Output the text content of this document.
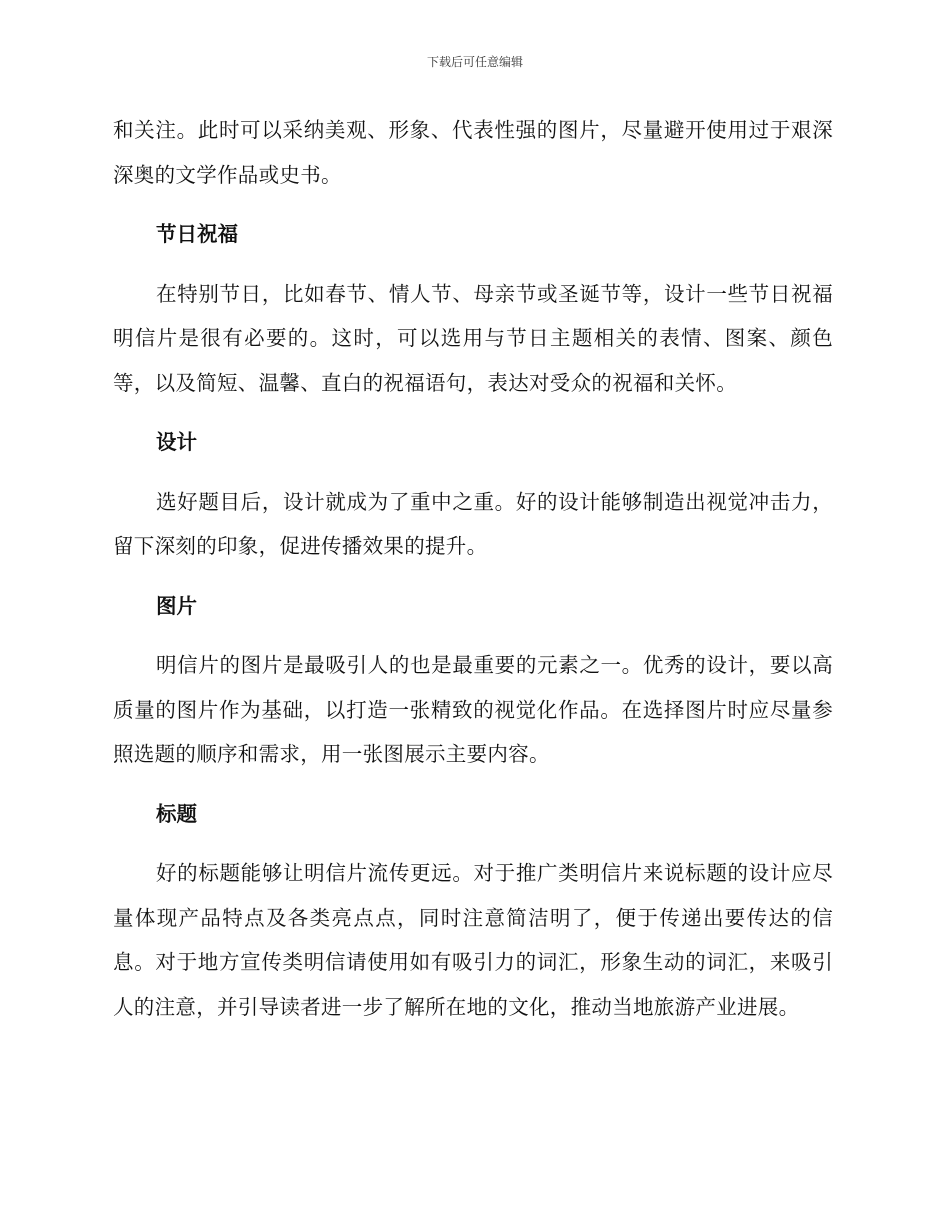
下载后可任意编辑

和关注。此时可以采纳美观、形象、代表性强的图片，尽量避开使用过于艰深深奥的文学作品或史书。

节日祝福

在特别节日，比如春节、情人节、母亲节或圣诞节等，设计一些节日祝福明信片是很有必要的。这时，可以选用与节日主题相关的表情、图案、颜色等，以及简短、温馨、直白的祝福语句，表达对受众的祝福和关怀。

设计

选好题目后，设计就成为了重中之重。好的设计能够制造出视觉冲击力，留下深刻的印象，促进传播效果的提升。

图片

明信片的图片是最吸引人的也是最重要的元素之一。优秀的设计，要以高质量的图片作为基础，以打造一张精致的视觉化作品。在选择图片时应尽量参照选题的顺序和需求，用一张图展示主要内容。

标题

好的标题能够让明信片流传更远。对于推广类明信片来说标题的设计应尽量体现产品特点及各类亮点点，同时注意简洁明了，便于传递出要传达的信息。对于地方宣传类明信请使用如有吸引力的词汇，形象生动的词汇，来吸引人的注意，并引导读者进一步了解所在地的文化，推动当地旅游产业进展。
